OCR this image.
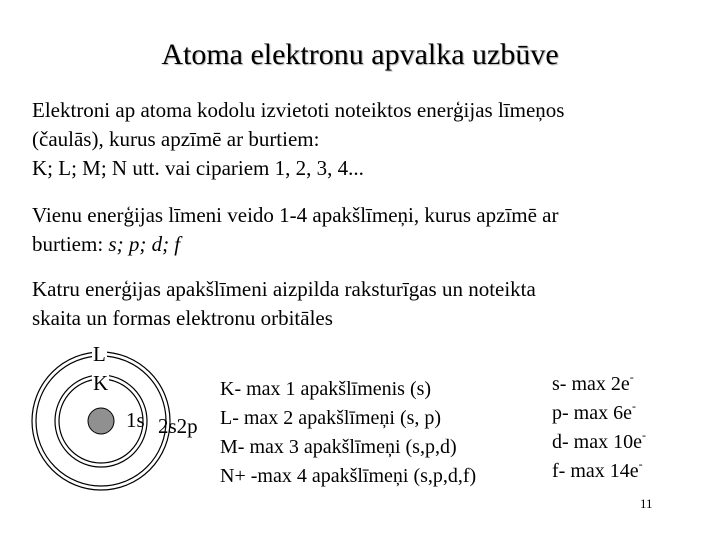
Atoma elektronu apvalka uzbūve
Elektroni ap atoma kodolu izvietoti noteiktos enerģijas līmeņos
(čaulās), kurus apzīmē ar burtiem:
K; L; M; N utt. vai cipariem 1, 2, 3, 4...
Vienu enerģijas līmeni veido 1-4 apakšlīmeņi, kurus apzīmē ar
burtiem: s; p; d; f
Katru enerģijas apakšlīmeni aizpilda raksturīgas un noteikta
skaita un formas elektronu orbitāles
L
K
1s 2s2p
K- max 1 apakšlīmenis (s)
L- max 2 apakšlīmeņi (s, p)
M- max 3 apakšlīmeņi (s,p,d)
N+ -max 4 apakšlīmeņi (s,p,d,f)
s- max 2e-
p- max 6e-
d- max 10e-
f- max 14e-
11
